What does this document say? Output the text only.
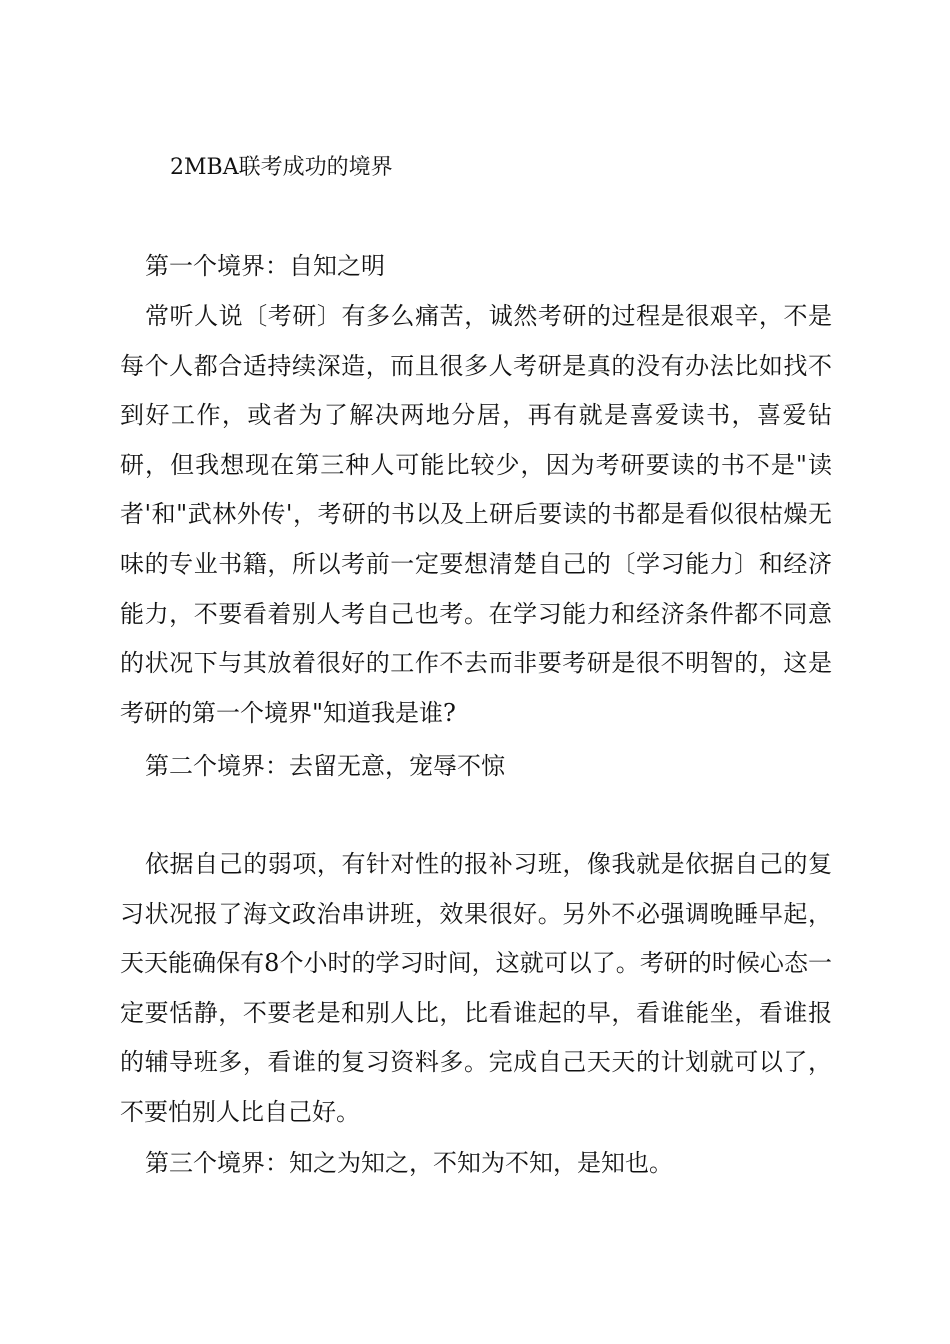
2MBA联考成功的境界
第一个境界：自知之明

常听人说〔考研〕有多么痛苦，诚然考研的过程是很艰辛，不是每个人都合适持续深造，而且很多人考研是真的没有办法比如找不到好工作，或者为了解决两地分居，再有就是喜爱读书，喜爱钻研，但我想现在第三种人可能比较少，因为考研要读的书不是"读者'和"武林外传'，考研的书以及上研后要读的书都是看似很枯燥无味的专业书籍，所以考前一定要想清楚自己的〔学习能力〕和经济能力，不要看着别人考自己也考。在学习能力和经济条件都不同意的状况下与其放着很好的工作不去而非要考研是很不明智的，这是考研的第一个境界"知道我是谁?

第二个境界：去留无意，宠辱不惊

依据自己的弱项，有针对性的报补习班，像我就是依据自己的复习状况报了海文政治串讲班，效果很好。另外不必强调晚睡早起，天天能确保有8个小时的学习时间，这就可以了。考研的时候心态一定要恬静，不要老是和别人比，比看谁起的早，看谁能坐，看谁报的辅导班多，看谁的复习资料多。完成自己天天的计划就可以了，不要怕别人比自己好。

第三个境界：知之为知之，不知为不知，是知也。
